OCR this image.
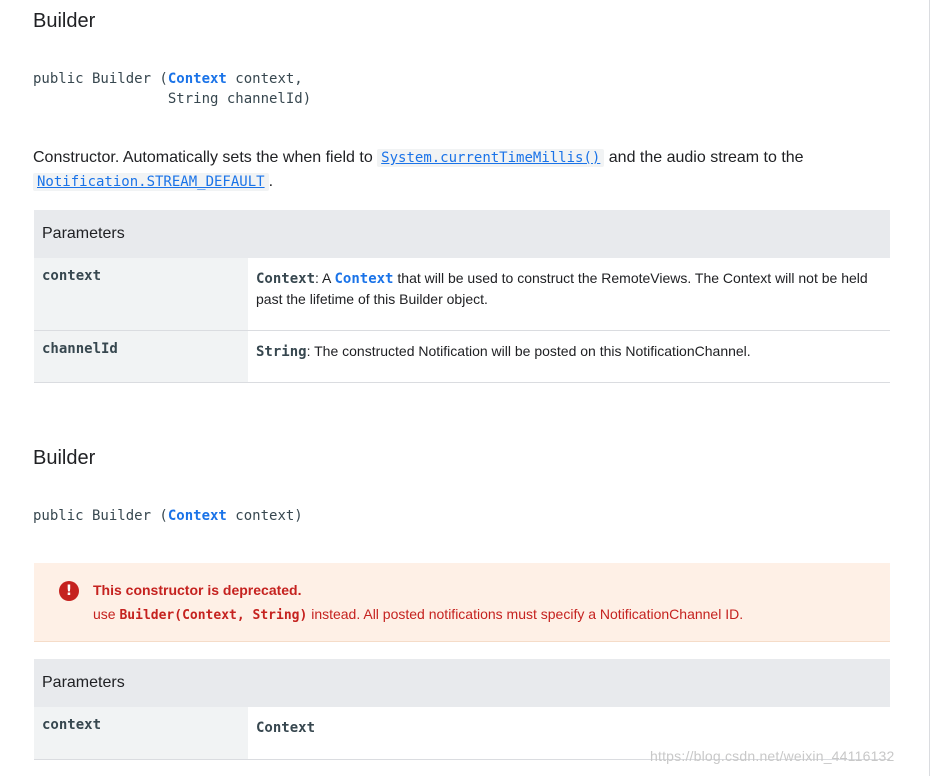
Builder
public Builder (Context context,
String channelId)

Constructor. Automatically sets the when field to System.currentTimeMillis() and the audio stream to the Notification.STREAM_DEFAULT .

Parameters	
context	Context: A Context that will be used to construct the RemoteViews. The Context will not be held past the lifetime of this Builder object.
channelId	String: The constructed Notification will be posted on this NotificationChannel.
Builder
public Builder (Context context)
!	This constructor is deprecated.
use Builder(Context, String) instead. All posted notifications must specify a NotificationChannel ID.
Parameters
context	Context
https://blog.csdn.net/weixin_44116132
